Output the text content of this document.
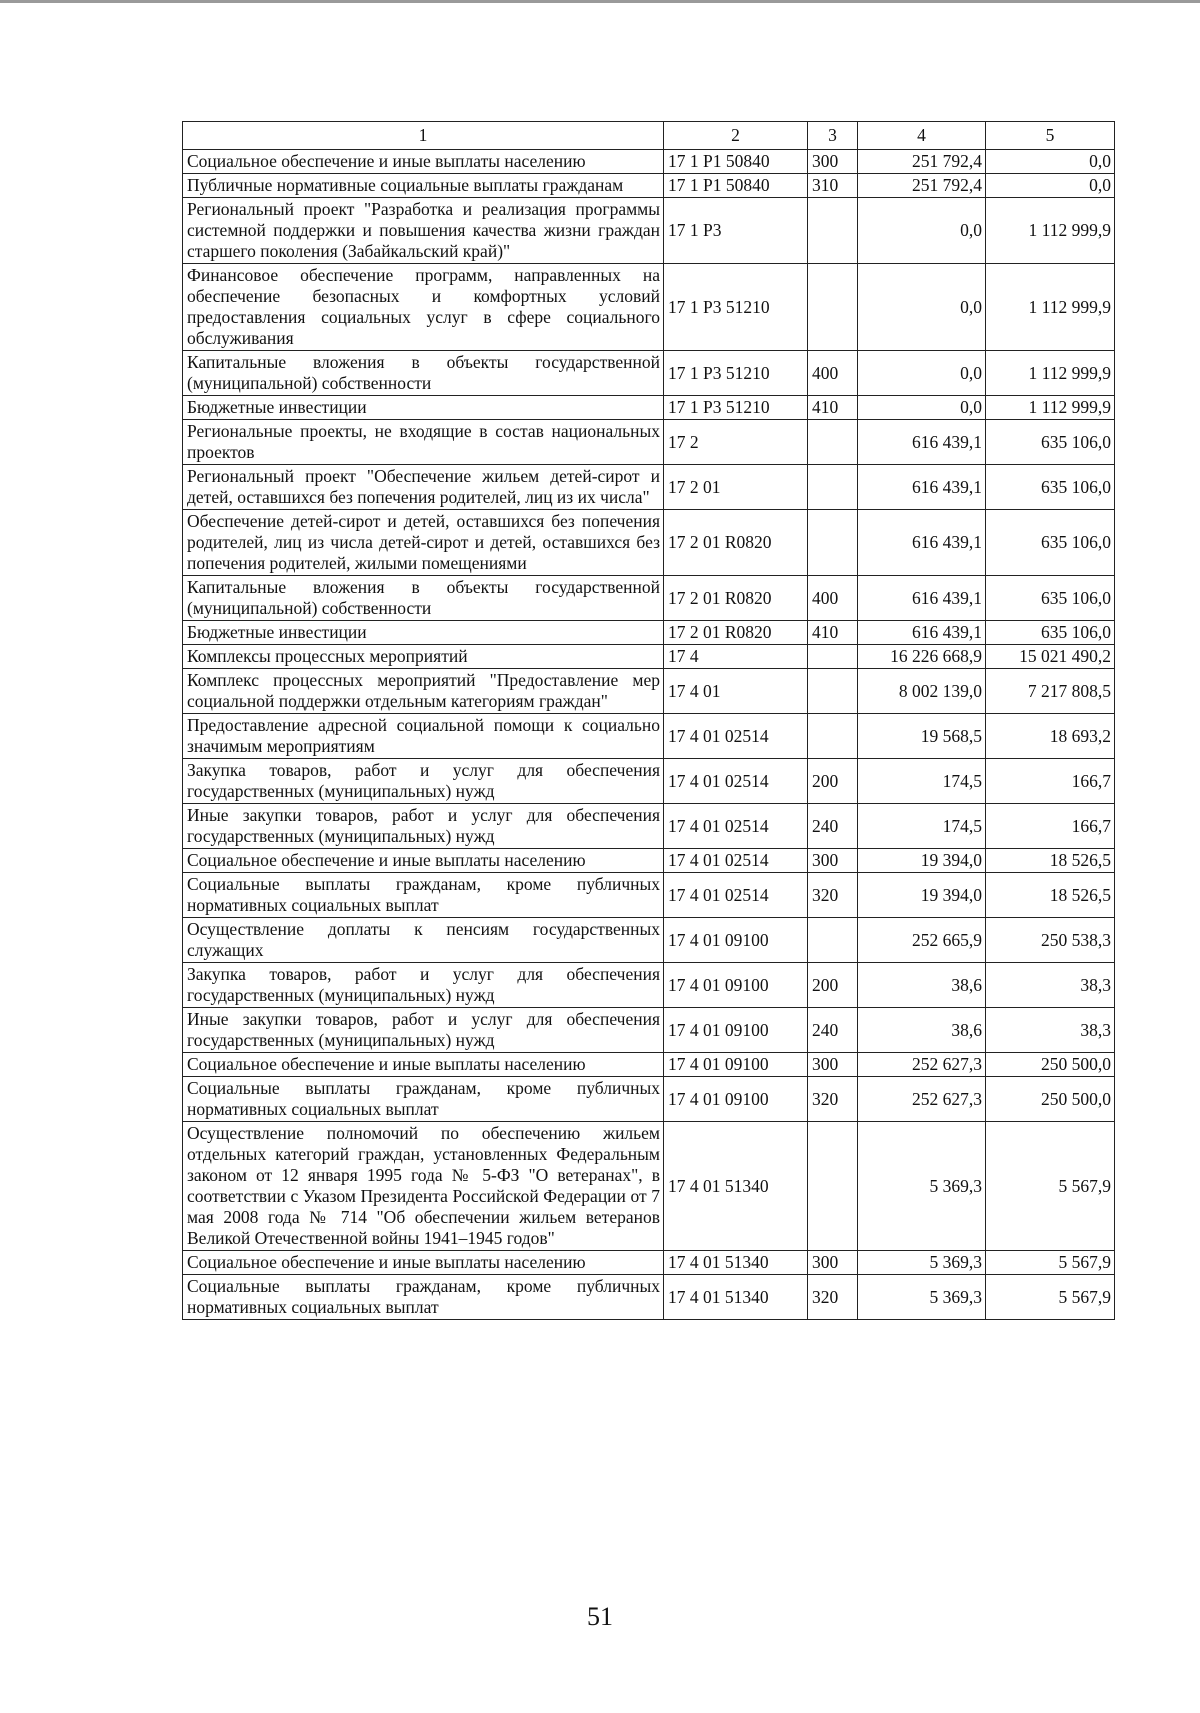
1	2	3	4	5
Социальное обеспечение и иные выплаты населению	17 1 P1 50840	300	251 792,4	0,0
Публичные нормативные социальные выплаты гражданам	17 1 P1 50840	310	251 792,4	0,0
Региональный проект "Разработка и реализация программы системной поддержки и повышения качества жизни граждан старшего поколения (Забайкальский край)"	17 1 P3		0,0	1 112 999,9
Финансовое обеспечение программ, направленных на обеспечение безопасных и комфортных условий предоставления социальных услуг в сфере социального обслуживания	17 1 P3 51210		0,0	1 112 999,9
Капитальные вложения в объекты государственной (муниципальной) собственности	17 1 P3 51210	400	0,0	1 112 999,9
Бюджетные инвестиции	17 1 P3 51210	410	0,0	1 112 999,9
Региональные проекты, не входящие в состав национальных проектов	17 2		616 439,1	635 106,0
Региональный проект "Обеспечение жильем детей-сирот и детей, оставшихся без попечения родителей, лиц из их числа"	17 2 01		616 439,1	635 106,0
Обеспечение детей-сирот и детей, оставшихся без попечения родителей, лиц из числа детей-сирот и детей, оставшихся без попечения родителей, жилыми помещениями	17 2 01 R0820		616 439,1	635 106,0
Капитальные вложения в объекты государственной (муниципальной) собственности	17 2 01 R0820	400	616 439,1	635 106,0
Бюджетные инвестиции	17 2 01 R0820	410	616 439,1	635 106,0
Комплексы процессных мероприятий	17 4		16 226 668,9	15 021 490,2
Комплекс процессных мероприятий "Предоставление мер социальной поддержки отдельным категориям граждан"	17 4 01		8 002 139,0	7 217 808,5
Предоставление адресной социальной помощи к социально значимым мероприятиям	17 4 01 02514		19 568,5	18 693,2
Закупка товаров, работ и услуг для обеспечения государственных (муниципальных) нужд	17 4 01 02514	200	174,5	166,7
Иные закупки товаров, работ и услуг для обеспечения государственных (муниципальных) нужд	17 4 01 02514	240	174,5	166,7
Социальное обеспечение и иные выплаты населению	17 4 01 02514	300	19 394,0	18 526,5
Социальные выплаты гражданам, кроме публичных нормативных социальных выплат	17 4 01 02514	320	19 394,0	18 526,5
Осуществление доплаты к пенсиям государственных служащих	17 4 01 09100		252 665,9	250 538,3
Закупка товаров, работ и услуг для обеспечения государственных (муниципальных) нужд	17 4 01 09100	200	38,6	38,3
Иные закупки товаров, работ и услуг для обеспечения государственных (муниципальных) нужд	17 4 01 09100	240	38,6	38,3
Социальное обеспечение и иные выплаты населению	17 4 01 09100	300	252 627,3	250 500,0
Социальные выплаты гражданам, кроме публичных нормативных социальных выплат	17 4 01 09100	320	252 627,3	250 500,0
Осуществление полномочий по обеспечению жильем отдельных категорий граждан, установленных Федеральным законом от 12 января 1995 года № 5-ФЗ "О ветеранах", в соответствии с Указом Президента Российской Федерации от 7 мая 2008 года № 714 "Об обеспечении жильем ветеранов Великой Отечественной войны 1941–1945 годов"	17 4 01 51340		5 369,3	5 567,9
Социальное обеспечение и иные выплаты населению	17 4 01 51340	300	5 369,3	5 567,9
Социальные выплаты гражданам, кроме публичных нормативных социальных выплат	17 4 01 51340	320	5 369,3	5 567,9
51
